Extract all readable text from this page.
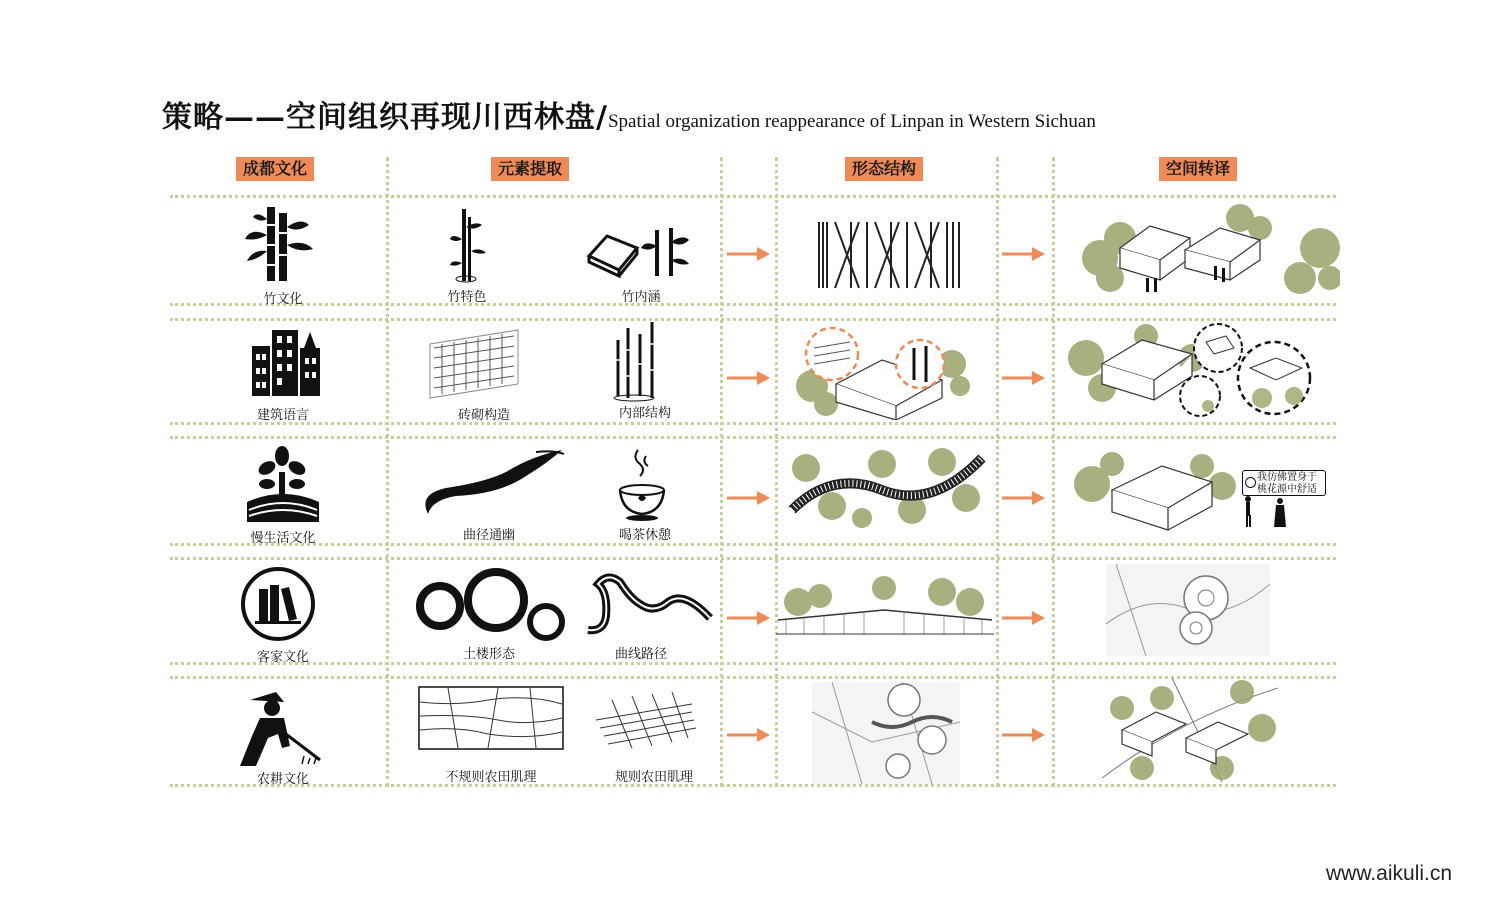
策略——空间组织再现川西林盘/Spatial organization reappearance of Linpan in Western Sichuan
成都文化	元素提取	形态结构	空间转译
竹文化	竹特色	竹内涵
建筑语言	砖砌构造	内部结构
慢生活文化	曲径通幽	喝茶休憩
我仿佛置身于
桃花源中舒适
客家文化	土楼形态	曲线路径
农耕文化	不规则农田肌理	规则农田肌理
www.aikuli.cn
